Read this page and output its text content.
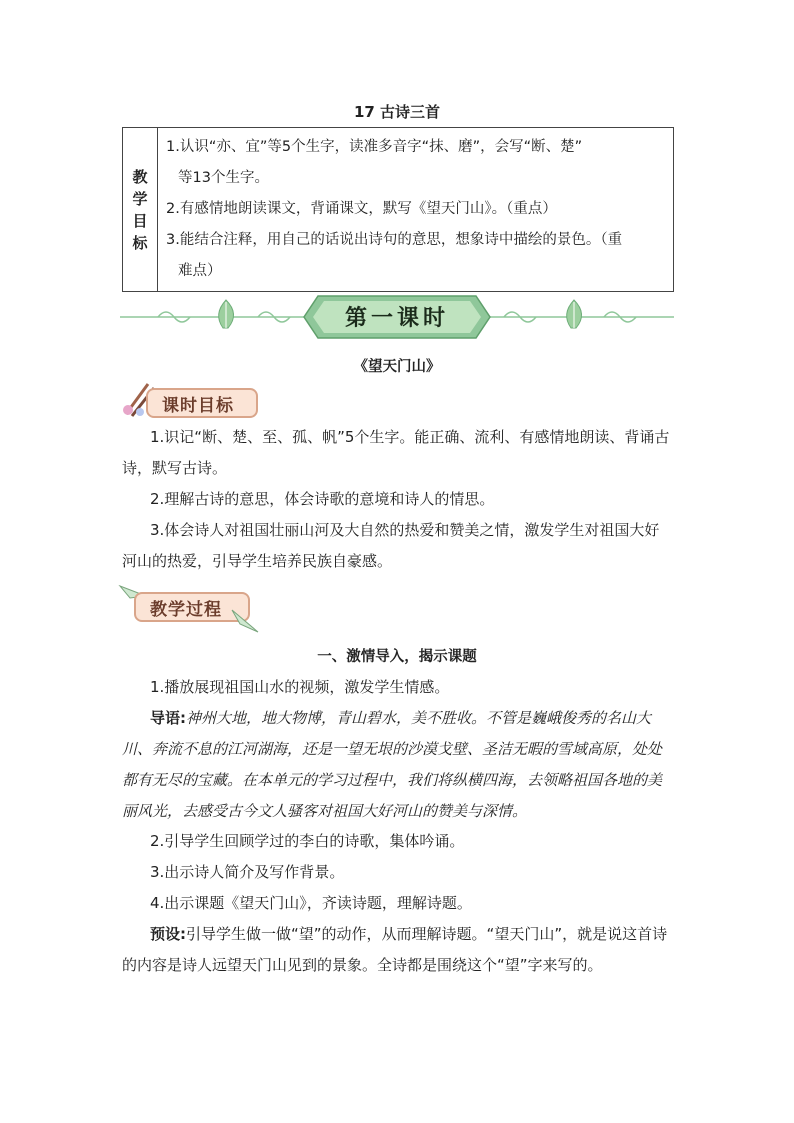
17 古诗三首
教
学
目
标

1.认识“亦、宜”等5个生字，读准多音字“抹、磨”，会写“断、楚”
等13个生字。
2.有感情地朗读课文，背诵课文，默写《望天门山》。（重点）
3.能结合注释，用自己的话说出诗句的意思，想象诗中描绘的景色。（重
难点）
第一课时
《望天门山》
课时目标
1.识记“断、楚、至、孤、帆”5个生字。能正确、流利、有感情地朗读、背诵古诗，默写古诗。
2.理解古诗的意思，体会诗歌的意境和诗人的情思。
3.体会诗人对祖国壮丽山河及大自然的热爱和赞美之情，激发学生对祖国大好河山的热爱，引导学生培养民族自豪感。
教学过程
一、激情导入，揭示课题
1.播放展现祖国山水的视频，激发学生情感。
导语:神州大地，地大物博，青山碧水，美不胜收。不管是巍峨俊秀的名山大川、奔流不息的江河湖海，还是一望无垠的沙漠戈壁、圣洁无暇的雪域高原，处处都有无尽的宝藏。在本单元的学习过程中，我们将纵横四海，去领略祖国各地的美丽风光，去感受古今文人骚客对祖国大好河山的赞美与深情。
2.引导学生回顾学过的李白的诗歌，集体吟诵。
3.出示诗人简介及写作背景。
4.出示课题《望天门山》，齐读诗题，理解诗题。
预设:引导学生做一做“望”的动作，从而理解诗题。“望天门山”，就是说这首诗的内容是诗人远望天门山见到的景象。全诗都是围绕这个“望”字来写的。
